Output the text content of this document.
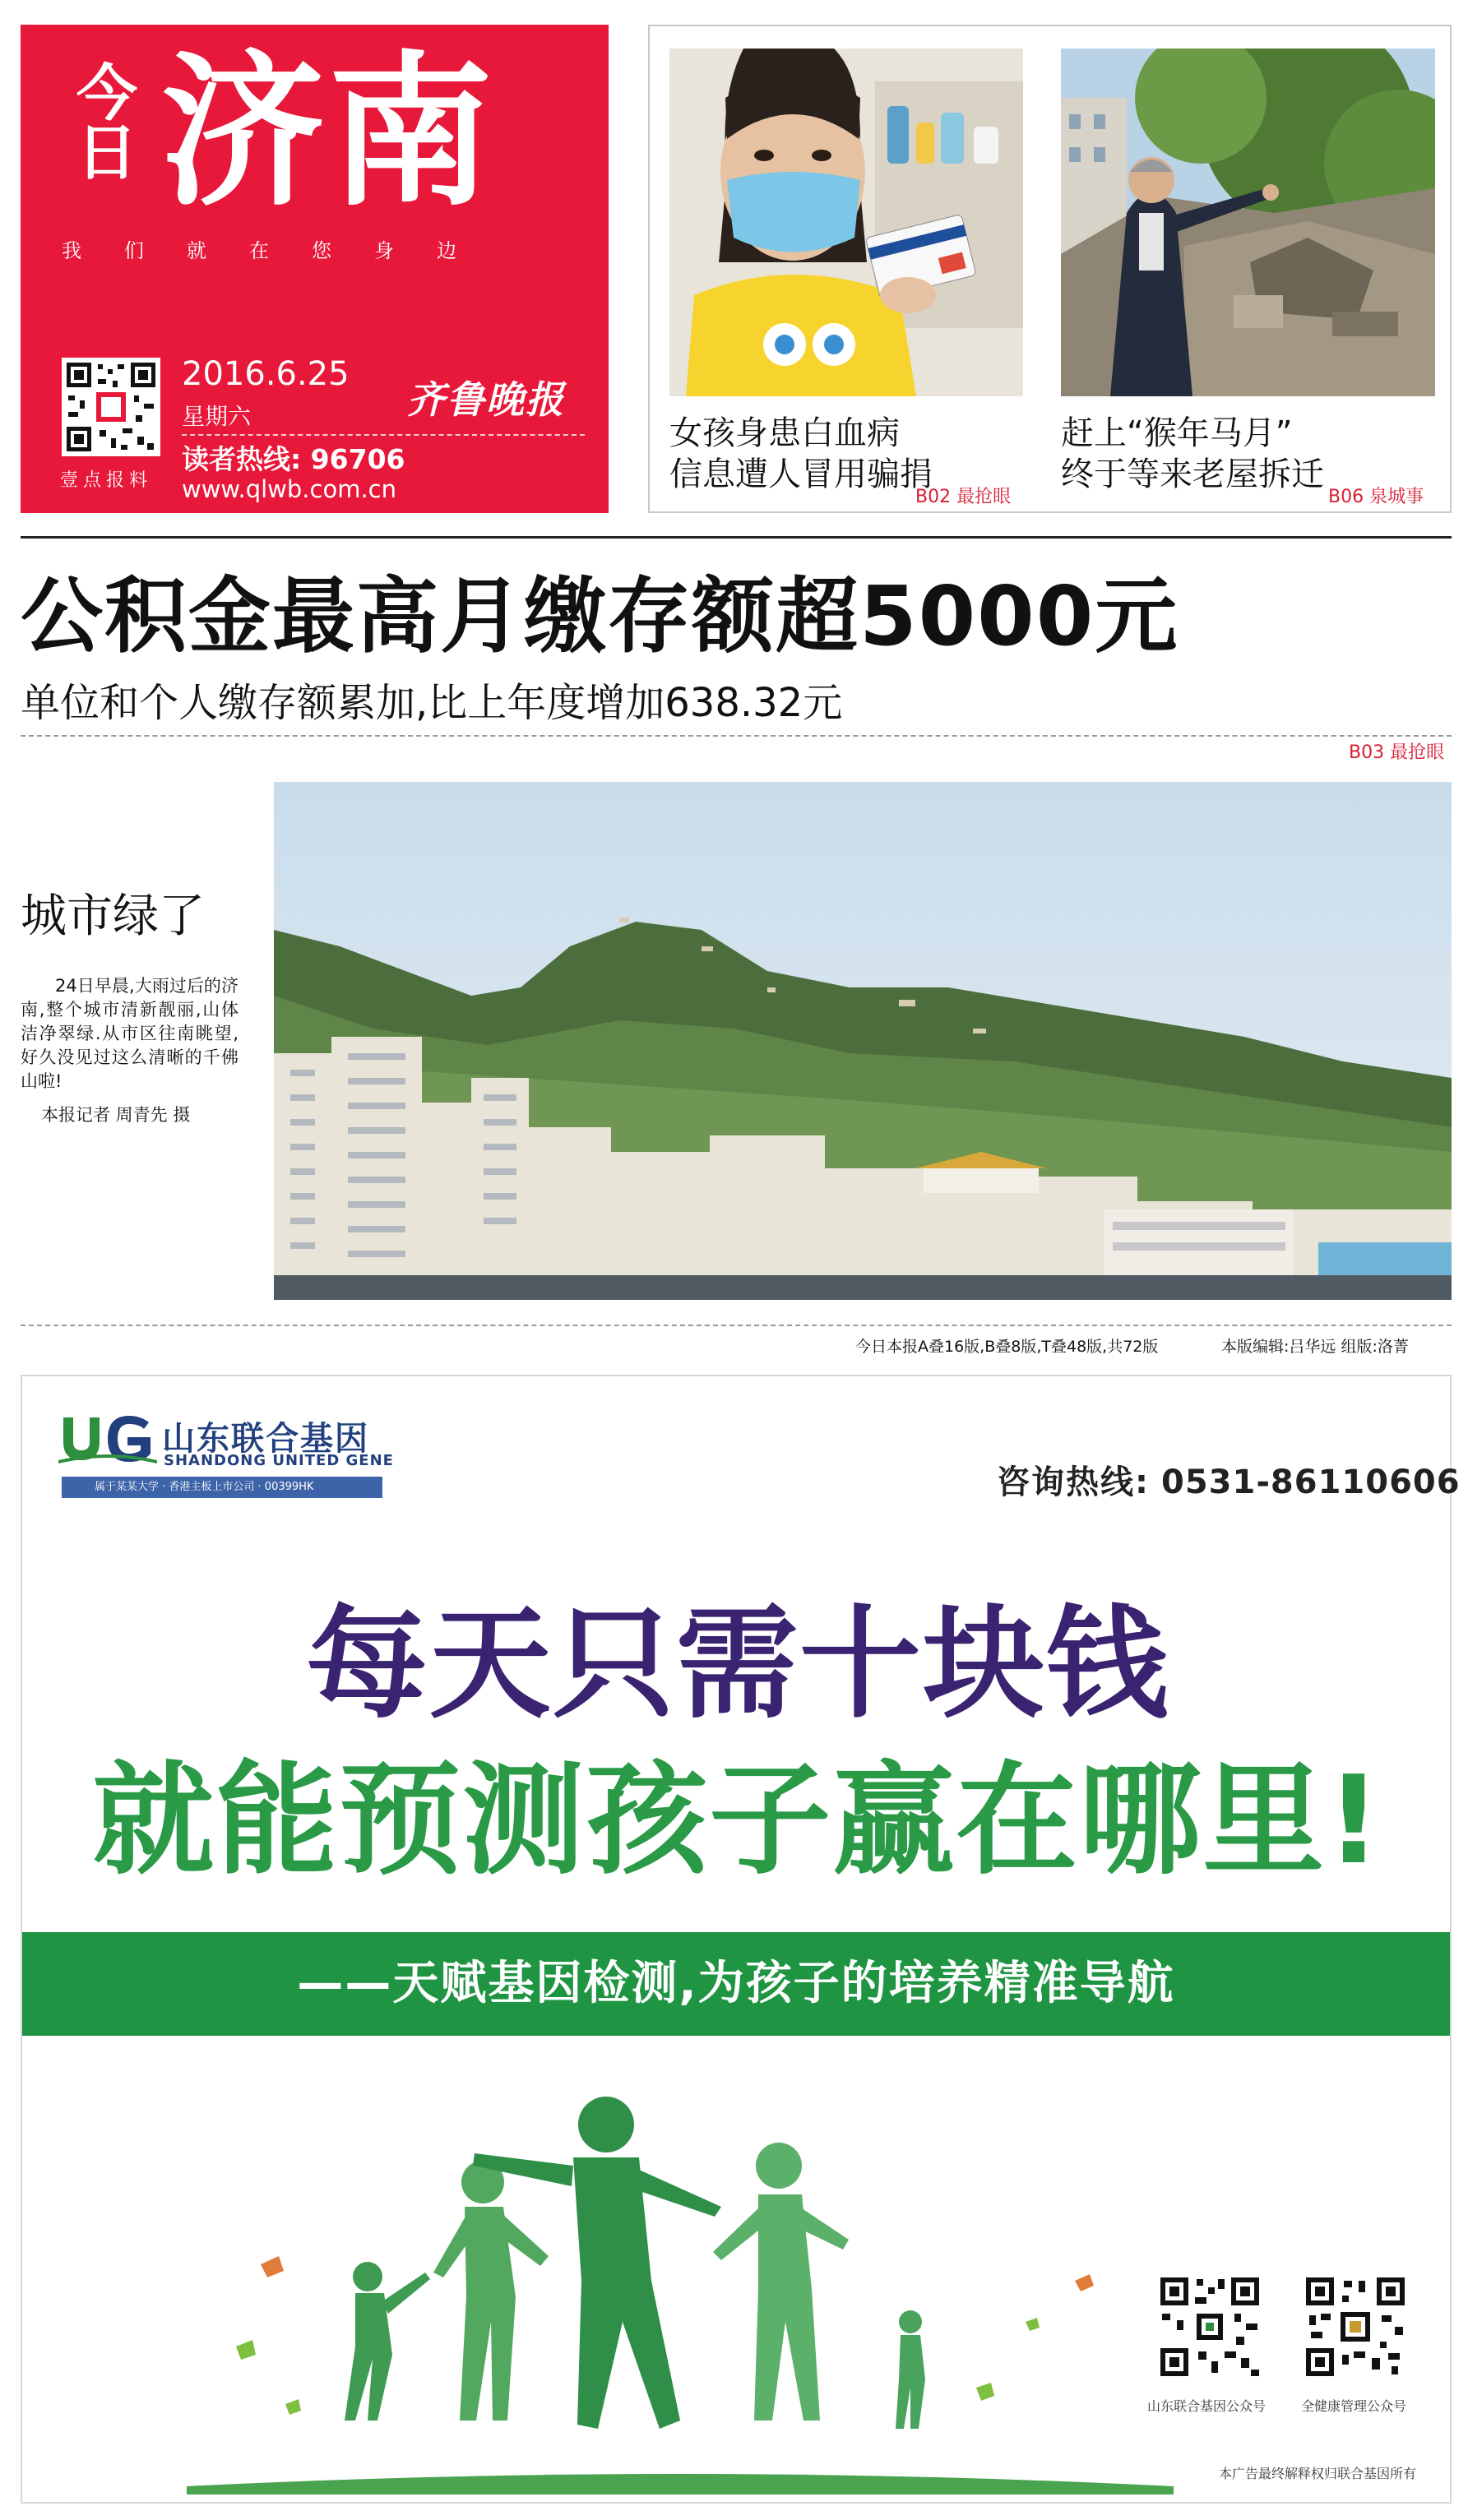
今日 济南
我们就在您身边
壹点报料
2016.6.25
星期六
读者热线: 96706
www.qlwb.com.cn
齐鲁晚报
女孩身患白血病
信息遭人冒用骗捐
B02 最抢眼
赶上“猴年马月”
终于等来老屋拆迁
B06 泉城事
公积金最高月缴存额超5000元
单位和个人缴存额累加,比上年度增加638.32元
B03 最抢眼
城市绿了
24日早晨,大雨过后的济南,整个城市清新靓丽,山体洁净翠绿.从市区往南眺望,好久没见过这么清晰的千佛山啦!
本报记者 周青先 摄
今日本报A叠16版,B叠8版,T叠48版,共72版	本版编辑:吕华远 组版:洛菁
山东联合基因
SHANDONG UNITED GENE
属于某某大学 · 香港主板上市公司 · 00399HK	咨询热线: 0531-86110606
每天只需十块钱
就能预测孩子赢在哪里!
——天赋基因检测,为孩子的培养精准导航
山东联合基因公众号	全健康管理公众号
本广告最终解释权归联合基因所有
